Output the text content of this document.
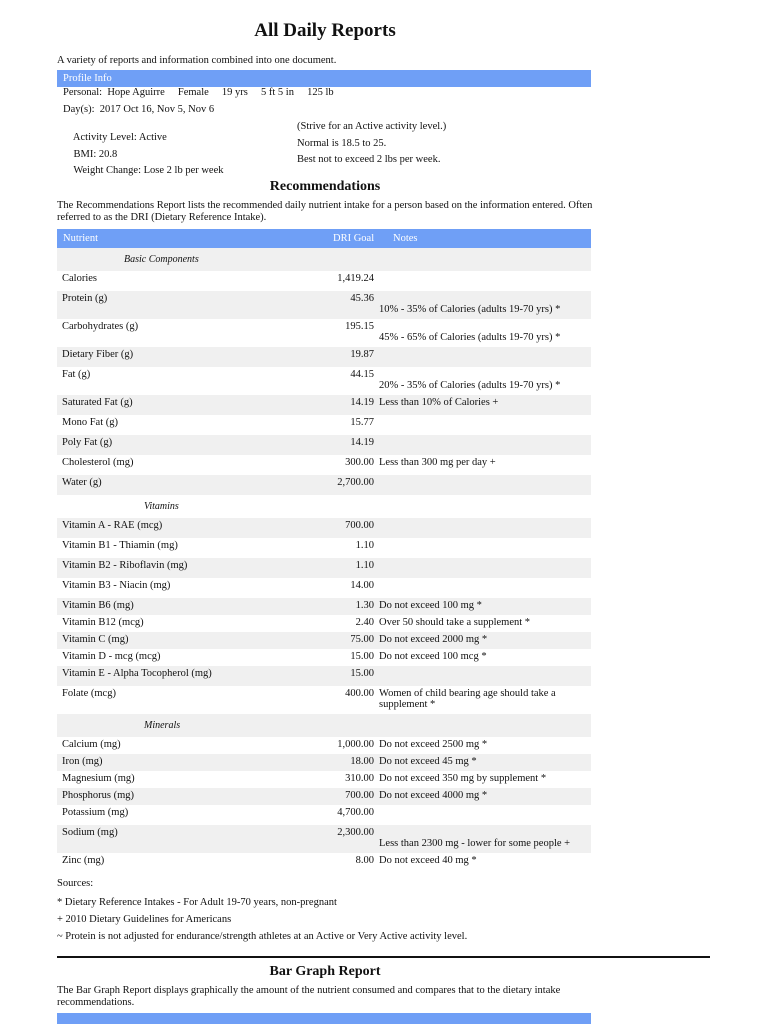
All Daily Reports
A variety of reports and information combined into one document.
Profile Info
Personal:  Hope Aguirre     Female     19 yrs     5 ft 5 in     125 lb
Day(s):  2017 Oct 16, Nov 5, Nov 6

Activity Level: Active

(Strive for an Active activity level.)

BMI: 20.8

Normal is 18.5 to 25.

Weight Change: Lose 2 lb per week

Best not to exceed 2 lbs per week.

Recommendations
The Recommendations Report lists the recommended daily nutrient intake for a person based on the information entered. Often referred to as the DRI (Dietary Reference Intake).
Nutrient	DRI Goal Notes
Basic Components
Calories	1,419.24
Protein (g)	45.36
10% - 35% of Calories (adults 19-70 yrs) *
Carbohydrates (g)	195.15
45% - 65% of Calories (adults 19-70 yrs) *
Dietary Fiber (g)	19.87
Fat (g)	44.15
20% - 35% of Calories (adults 19-70 yrs) *
Saturated Fat (g)	14.19 Less than 10% of Calories +
Mono Fat (g)	15.77
Poly Fat (g)	14.19
Cholesterol (mg)	300.00 Less than 300 mg per day +
Water (g)	2,700.00
Vitamins
Vitamin A - RAE (mcg)	700.00
Vitamin B1 - Thiamin (mg)	1.10
Vitamin B2 - Riboflavin (mg)	1.10
Vitamin B3 - Niacin (mg)	14.00
Vitamin B6 (mg)	1.30 Do not exceed 100 mg *
Vitamin B12 (mcg)	2.40 Over 50 should take a supplement *
Vitamin C (mg)	75.00 Do not exceed 2000 mg *
Vitamin D - mcg (mcg)	15.00 Do not exceed 100 mcg *
Vitamin E - Alpha Tocopherol (mg)	15.00
Folate (mcg)	400.00 Women of child bearing age should take a supplement *
Minerals
Calcium (mg)	1,000.00 Do not exceed 2500 mg *
Iron (mg)	18.00 Do not exceed 45 mg *
Magnesium (mg)	310.00 Do not exceed 350 mg by supplement *
Phosphorus (mg)	700.00 Do not exceed 4000 mg *
Potassium (mg)	4,700.00
Sodium (mg)	2,300.00
Less than 2300 mg - lower for some people +
Zinc (mg)	8.00 Do not exceed 40 mg *
Sources:
* Dietary Reference Intakes - For Adult 19-70 years, non-pregnant
+ 2010 Dietary Guidelines for Americans
~ Protein is not adjusted for endurance/strength athletes at an Active or Very Active activity level.
Bar Graph Report
The Bar Graph Report displays graphically the amount of the nutrient consumed and compares that to the dietary intake recommendations.
